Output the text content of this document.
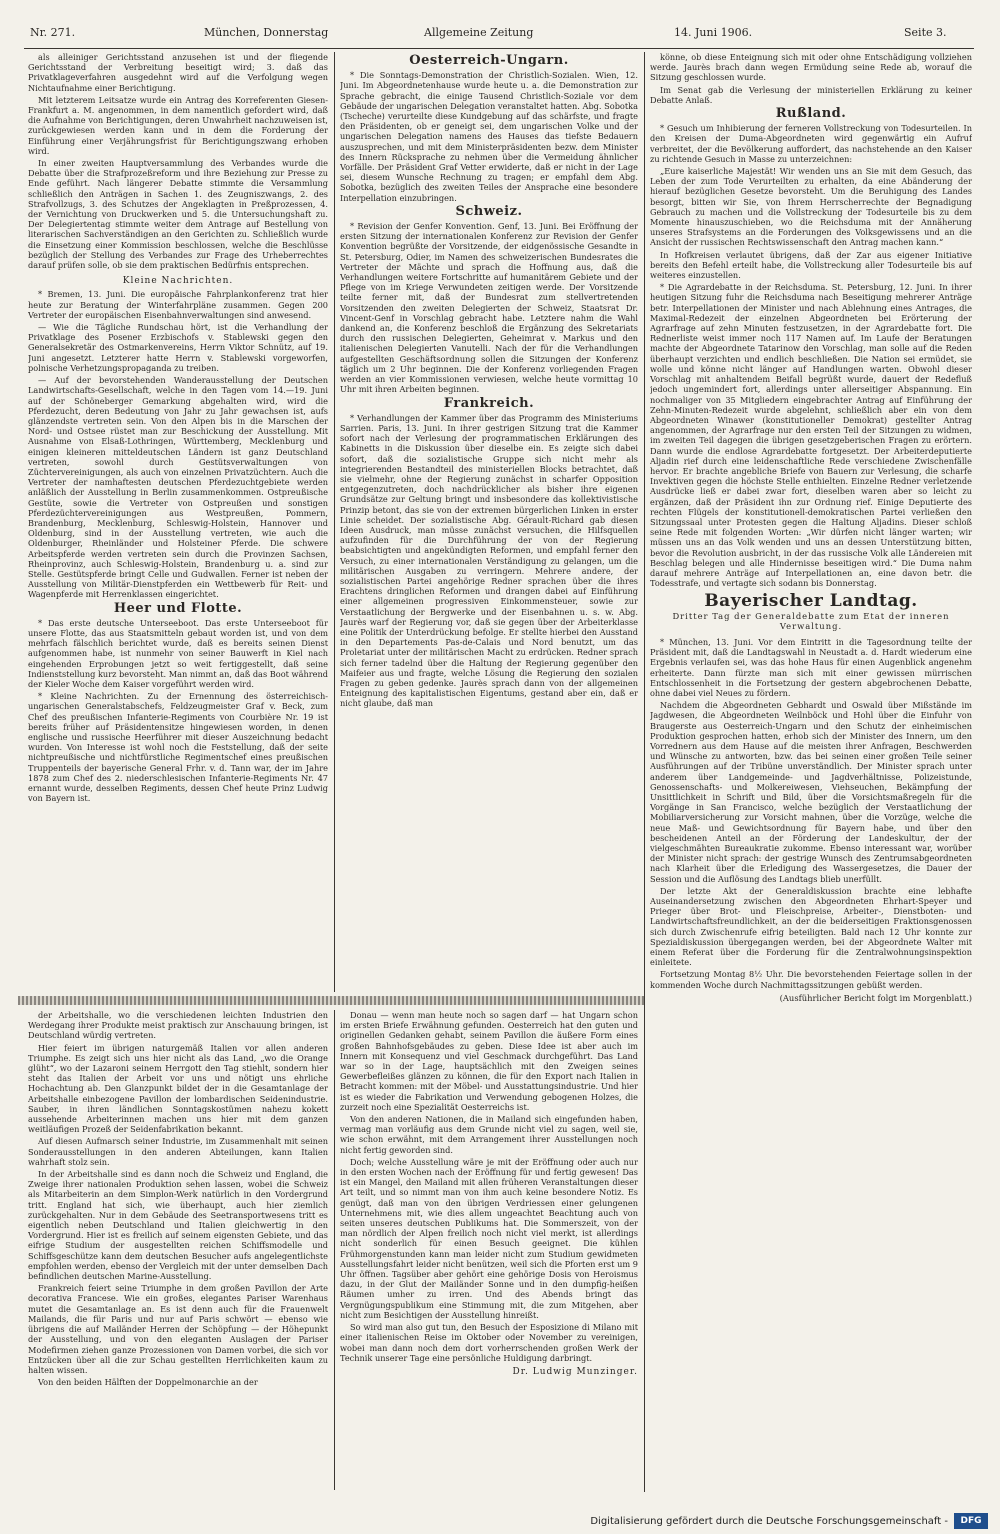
Nr. 271.	München, Donnerstag	Allgemeine Zeitung	14. Juni 1906.	Seite 3.

als alleiniger Gerichtsstand anzusehen ist und der fliegende Gerichtsstand der Verbreitung beseitigt wird; 3. daß das Privatklageverfahren ausgedehnt wird auf die Verfolgung wegen Nichtaufnahme einer Berichtigung.

Mit letzterem Leitsatze wurde ein Antrag des Korreferenten Giesen-Frankfurt a. M. angenommen, in dem namentlich gefordert wird, daß die Aufnahme von Berichtigungen, deren Unwahrheit nachzuweisen ist, zurückgewiesen werden kann und in dem die Forderung der Einführung einer Verjährungsfrist für Berichtigungszwang erhoben wird.

In einer zweiten Hauptversammlung des Verbandes wurde die Debatte über die Strafprozeßreform und ihre Beziehung zur Presse zu Ende geführt. Nach längerer Debatte stimmte die Versammlung schließlich den Anträgen in Sachen 1. des Zeugniszwangs, 2. des Strafvollzugs, 3. des Schutzes der Angeklagten in Preßprozessen, 4. der Vernichtung von Druckwerken und 5. die Untersuchungshaft zu. Der Delegiertentag stimmte weiter dem Antrage auf Bestellung von literarischen Sachverständigen an den Gerichten zu. Schließlich wurde die Einsetzung einer Kommission beschlossen, welche die Beschlüsse bezüglich der Stellung des Verbandes zur Frage des Urheberrechtes darauf prüfen solle, ob sie dem praktischen Bedürfnis entsprechen.

Kleine Nachrichten.

* Bremen, 13. Juni. Die europäische Fahrplankonferenz trat hier heute zur Beratung der Winterfahrpläne zusammen. Gegen 200 Vertreter der europäischen Eisenbahnverwaltungen sind anwesend.

— Wie die Tägliche Rundschau hört, ist die Verhandlung der Privatklage des Posener Erzbischofs v. Stablewski gegen den Generalsekretär des Ostmarkenvereins, Herrn Viktor Schnütz, auf 19. Juni angesetzt. Letzterer hatte Herrn v. Stablewski vorgeworfen, polnische Verhetzungspropaganda zu treiben.

— Auf der bevorstehenden Wanderausstellung der Deutschen Landwirtschafts-Gesellschaft, welche in den Tagen vom 14.—19. Juni auf der Schöneberger Gemarkung abgehalten wird, wird die Pferdezucht, deren Bedeutung von Jahr zu Jahr gewachsen ist, aufs glänzendste vertreten sein. Von den Alpen bis in die Marschen der Nord- und Ostsee rüstet man zur Beschickung der Ausstellung. Mit Ausnahme von Elsaß-Lothringen, Württemberg, Mecklenburg und einigen kleineren mitteldeutschen Ländern ist ganz Deutschland vertreten, sowohl durch Gestütsverwaltungen von Züchtervereinigungen, als auch von einzelnen Privatzüchtern. Auch die Vertreter der namhaftesten deutschen Pferdezuchtgebiete werden anläßlich der Ausstellung in Berlin zusammenkommen. Ostpreußische Gestüte, sowie die Vertreter von Ostpreußen und sonstigen Pferdezüchtervereinigungen aus Westpreußen, Pommern, Brandenburg, Mecklenburg, Schleswig-Holstein, Hannover und Oldenburg, sind in der Ausstellung vertreten, wie auch die Oldenburger, Rheinländer und Holsteiner Pferde. Die schwere Arbeitspferde werden vertreten sein durch die Provinzen Sachsen, Rheinprovinz, auch Schleswig-Holstein, Brandenburg u. a. sind zur Stelle. Gestütspferde bringt Celle und Gudwallen. Ferner ist neben der Ausstellung von Militär-Dienstpferden ein Wettbewerb für Reit- und Wagenpferde mit Herrenklassen eingerichtet.

Heer und Flotte.

* Das erste deutsche Unterseeboot. Das erste Unterseeboot für unsere Flotte, das aus Staatsmitteln gebaut worden ist, und von dem mehrfach fälschlich berichtet wurde, daß es bereits seinen Dienst aufgenommen habe, ist nunmehr von seiner Bauwerft in Kiel nach eingehenden Erprobungen jetzt so weit fertiggestellt, daß seine Indienststellung kurz bevorsteht. Man nimmt an, daß das Boot während der Kieler Woche dem Kaiser vorgeführt werden wird.

* Kleine Nachrichten. Zu der Ernennung des österreichisch-ungarischen Generalstabschefs, Feldzeugmeister Graf v. Beck, zum Chef des preußischen Infanterie-Regiments von Courbière Nr. 19 ist bereits früher auf Präsidentensitze hingewiesen worden, in denen englische und russische Heerführer mit dieser Auszeichnung bedacht wurden. Von Interesse ist wohl noch die Feststellung, daß der seite nichtpreußische und nichtfürstliche Regimentschef eines preußischen Truppenteils der bayerische General Frhr. v. d. Tann war, der im Jahre 1878 zum Chef des 2. niederschlesischen Infanterie-Regiments Nr. 47 ernannt wurde, desselben Regiments, dessen Chef heute Prinz Ludwig von Bayern ist.

Oesterreich-Ungarn.

* Die Sonntags-Demonstration der Christlich-Sozialen. Wien, 12. Juni. Im Abgeordnetenhause wurde heute u. a. die Demonstration zur Sprache gebracht, die einige Tausend Christlich-Soziale vor dem Gebäude der ungarischen Delegation veranstaltet hatten. Abg. Sobotka (Tscheche) verurteilte diese Kundgebung auf das schärfste, und fragte den Präsidenten, ob er geneigt sei, dem ungarischen Volke und der ungarischen Delegation namens des Hauses das tiefste Bedauern auszusprechen, und mit dem Ministerpräsidenten bezw. dem Minister des Innern Rücksprache zu nehmen über die Vermeidung ähnlicher Vorfälle. Der Präsident Graf Vetter erwiderte, daß er nicht in der Lage sei, diesem Wunsche Rechnung zu tragen; er empfahl dem Abg. Sobotka, bezüglich des zweiten Teiles der Ansprache eine besondere Interpellation einzubringen.

Schweiz.

* Revision der Genfer Konvention. Genf, 13. Juni. Bei Eröffnung der ersten Sitzung der internationalen Konferenz zur Revision der Genfer Konvention begrüßte der Vorsitzende, der eidgenössische Gesandte in St. Petersburg, Odier, im Namen des schweizerischen Bundesrates die Vertreter der Mächte und sprach die Hoffnung aus, daß die Verhandlungen weitere Fortschritte auf humanitärem Gebiete und der Pflege von im Kriege Verwundeten zeitigen werde. Der Vorsitzende teilte ferner mit, daß der Bundesrat zum stellvertretenden Vorsitzenden den zweiten Delegierten der Schweiz, Staatsrat Dr. Vincent-Genf in Vorschlag gebracht habe. Letztere nahm die Wahl dankend an, die Konferenz beschloß die Ergänzung des Sekretariats durch den russischen Delegierten, Geheimrat v. Markus und den italienischen Delegierten Vanutelli. Nach der für die Verhandlungen aufgestellten Geschäftsordnung sollen die Sitzungen der Konferenz täglich um 2 Uhr beginnen. Die der Konferenz vorliegenden Fragen werden an vier Kommissionen verwiesen, welche heute vormittag 10 Uhr mit ihren Arbeiten beginnen.

Frankreich.

* Verhandlungen der Kammer über das Programm des Ministeriums Sarrien. Paris, 13. Juni. In ihrer gestrigen Sitzung trat die Kammer sofort nach der Verlesung der programmatischen Erklärungen des Kabinetts in die Diskussion über dieselbe ein. Es zeigte sich dabei sofort, daß die sozialistische Gruppe sich nicht mehr als integrierenden Bestandteil des ministeriellen Blocks betrachtet, daß sie vielmehr, ohne der Regierung zunächst in scharfer Opposition entgegenzutreten, doch nachdrücklicher als bisher ihre eigenen Grundsätze zur Geltung bringt und insbesondere das kollektivistische Prinzip betont, das sie von der extremen bürgerlichen Linken in erster Linie scheidet. Der sozialistische Abg. Gérault-Richard gab diesen Ideen Ausdruck, man müsse zunächst versuchen, die Hilfsquellen aufzufinden für die Durchführung der von der Regierung beabsichtigten und angekündigten Reformen, und empfahl ferner den Versuch, zu einer internationalen Verständigung zu gelangen, um die militärischen Ausgaben zu verringern. Mehrere andere, der sozialistischen Partei angehörige Redner sprachen über die ihres Erachtens dringlichen Reformen und drangen dabei auf Einführung einer allgemeinen progressiven Einkommensteuer, sowie zur Verstaatlichung der Bergwerke und der Eisenbahnen u. s. w. Abg. Jaurès warf der Regierung vor, daß sie gegen über der Arbeiterklasse eine Politik der Unterdrückung befolge. Er stellte hierbei den Ausstand in den Departements Pas-de-Calais und Nord benutzt, um das Proletariat unter der militärischen Macht zu erdrücken. Redner sprach sich ferner tadelnd über die Haltung der Regierung gegenüber den Maifeier aus und fragte, welche Lösung die Regierung den sozialen Fragen zu geben gedenke. Jaurès sprach dann von der allgemeinen Enteignung des kapitalistischen Eigentums, gestand aber ein, daß er nicht glaube, daß man

könne, ob diese Enteignung sich mit oder ohne Entschädigung vollziehen werde. Jaurès brach dann wegen Ermüdung seine Rede ab, worauf die Sitzung geschlossen wurde.

Im Senat gab die Verlesung der ministeriellen Erklärung zu keiner Debatte Anlaß.

Rußland.

* Gesuch um Inhibierung der ferneren Vollstreckung von Todesurteilen. In den Kreisen der Duma-Abgeordneten wird gegenwärtig ein Aufruf verbreitet, der die Bevölkerung auffordert, das nachstehende an den Kaiser zu richtende Gesuch in Masse zu unterzeichnen:

„Eure kaiserliche Majestät! Wir wenden uns an Sie mit dem Gesuch, das Leben der zum Tode Verurteilten zu erhalten, da eine Abänderung der hierauf bezüglichen Gesetze bevorsteht. Um die Beruhigung des Landes besorgt, bitten wir Sie, von Ihrem Herrscherrechte der Begnadigung Gebrauch zu machen und die Vollstreckung der Todesurteile bis zu dem Momente hinauszuschieben, wo die Reichsduma mit der Annäherung unseres Strafsystems an die Forderungen des Volksgewissens und an die Ansicht der russischen Rechtswissenschaft den Antrag machen kann.“

In Hofkreisen verlautet übrigens, daß der Zar aus eigener Initiative bereits den Befehl erteilt habe, die Vollstreckung aller Todesurteile bis auf weiteres einzustellen.

* Die Agrardebatte in der Reichsduma. St. Petersburg, 12. Juni. In ihrer heutigen Sitzung fuhr die Reichsduma nach Beseitigung mehrerer Anträge betr. Interpellationen der Minister und nach Ablehnung eines Antrages, die Maximal-Redezeit der einzelnen Abgeordneten bei Erörterung der Agrarfrage auf zehn Minuten festzusetzen, in der Agrardebatte fort. Die Rednerliste weist immer noch 117 Namen auf. Im Laufe der Beratungen machte der Abgeordnete Tatarinow den Vorschlag, man solle auf die Reden überhaupt verzichten und endlich beschließen. Die Nation sei ermüdet, sie wolle und könne nicht länger auf Handlungen warten. Obwohl dieser Vorschlag mit anhaltendem Beifall begrüßt wurde, dauert der Redefluß jedoch ungemindert fort, allerdings unter allerseitiger Abspannung. Ein nochmaliger von 35 Mitgliedern eingebrachter Antrag auf Einführung der Zehn-Minuten-Redezeit wurde abgelehnt, schließlich aber ein von dem Abgeordneten Winawer (konstitutioneller Demokrat) gestellter Antrag angenommen, der Agrarfrage nur den ersten Teil der Sitzungen zu widmen, im zweiten Teil dagegen die übrigen gesetzgeberischen Fragen zu erörtern. Dann wurde die endlose Agrardebatte fortgesetzt. Der Arbeiterdeputierte Aljadin rief durch eine leidenschaftliche Rede verschiedene Zwischenfälle hervor. Er brachte angebliche Briefe von Bauern zur Verlesung, die scharfe Invektiven gegen die höchste Stelle enthielten. Einzelne Redner verletzende Ausdrücke ließ er dabei zwar fort, dieselben waren aber so leicht zu ergänzen, daß der Präsident ihn zur Ordnung rief. Einige Deputierte des rechten Flügels der konstitutionell-demokratischen Partei verließen den Sitzungssaal unter Protesten gegen die Haltung Aljadins. Dieser schloß seine Rede mit folgenden Worten: „Wir dürfen nicht länger warten; wir müssen uns an das Volk wenden und uns an dessen Unterstützung bitten, bevor die Revolution ausbricht, in der das russische Volk alle Ländereien mit Beschlag belegen und alle Hindernisse beseitigen wird.“ Die Duma nahm darauf mehrere Anträge auf Interpellationen an, eine davon betr. die Todesstrafe, und vertagte sich sodann bis Donnerstag.

Bayerischer Landtag.
Dritter Tag der Generaldebatte zum Etat der inneren Verwaltung.

* München, 13. Juni. Vor dem Eintritt in die Tagesordnung teilte der Präsident mit, daß die Landtagswahl in Neustadt a. d. Hardt wiederum eine Ergebnis verlaufen sei, was das hohe Haus für einen Augenblick angenehm erheiterte. Dann fürzte man sich mit einer gewissen mürrischen Entschlossenheit in die Fortsetzung der gestern abgebrochenen Debatte, ohne dabei viel Neues zu fördern.

Nachdem die Abgeordneten Gebhardt und Oswald über Mißstände im Jagdwesen, die Abgeordneten Weilnböck und Hohl über die Einfuhr von Braugerste aus Oesterreich-Ungarn und den Schutz der einheimischen Produktion gesprochen hatten, erhob sich der Minister des Innern, um den Vorrednern aus dem Hause auf die meisten ihrer Anfragen, Beschwerden und Wünsche zu antworten, bzw. das bei seinen einer großen Teile seiner Ausführungen auf der Tribüne unverständlich. Der Minister sprach unter anderem über Landgemeinde- und Jagdverhältnisse, Polizeistunde, Genossenschafts- und Molkereiwesen, Viehseuchen, Bekämpfung der Unsittlichkeit in Schrift und Bild, über die Vorsichtsmaßregeln für die Vorgänge in San Francisco, welche bezüglich der Verstaatlichung der Mobiliarversicherung zur Vorsicht mahnen, über die Vorzüge, welche die neue Maß- und Gewichtsordnung für Bayern habe, und über den bescheidenen Anteil an der Förderung der Landeskultur, der der vielgeschmähten Bureaukratie zukomme. Ebenso interessant war, worüber der Minister nicht sprach: der gestrige Wunsch des Zentrumsabgeordneten nach Klarheit über die Erledigung des Wassergesetzes, die Dauer der Session und die Auflösung des Landtags blieb unerfüllt.

Der letzte Akt der Generaldiskussion brachte eine lebhafte Auseinandersetzung zwischen den Abgeordneten Ehrhart-Speyer und Prieger über Brot- und Fleischpreise, Arbeiter-, Dienstboten- und Landwirtschaftsfreundlichkeit, an der die beiderseitigen Fraktionsgenossen sich durch Zwischenrufe eifrig beteiligten. Bald nach 12 Uhr konnte zur Spezialdiskussion übergegangen werden, bei der Abgeordnete Walter mit einem Referat über die Forderung für die Zentralwohnungsinspektion einleitete.

Fortsetzung Montag 8½ Uhr. Die bevorstehenden Feiertage sollen in der kommenden Woche durch Nachmittagssitzungen gebüßt werden.

(Ausführlicher Bericht folgt im Morgenblatt.)

der Arbeitshalle, wo die verschiedenen leichten Industrien den Werdegang ihrer Produkte meist praktisch zur Anschauung bringen, ist Deutschland würdig vertreten.

Hier feiert im übrigen naturgemäß Italien vor allen anderen Triumphe. Es zeigt sich uns hier nicht als das Land, „wo die Orange glüht“, wo der Lazaroni seinem Herrgott den Tag stiehlt, sondern hier steht das Italien der Arbeit vor uns und nötigt uns ehrliche Hochachtung ab. Den Glanzpunkt bildet der in die Gesamtanlage der Arbeitshalle einbezogene Pavillon der lombardischen Seidenindustrie. Sauber, in ihren ländlichen Sonntagskostümen nahezu kokett aussehende Arbeiterinnen machen uns hier mit dem ganzen weitläufigen Prozeß der Seidenfabrikation bekannt.

Auf diesen Aufmarsch seiner Industrie, im Zusammenhalt mit seinen Sonderausstellungen in den anderen Abteilungen, kann Italien wahrhaft stolz sein.

In der Arbeitshalle sind es dann noch die Schweiz und England, die Zweige ihrer nationalen Produktion sehen lassen, wobei die Schweiz als Mitarbeiterin an dem Simplon-Werk natürlich in den Vordergrund tritt. England hat sich, wie überhaupt, auch hier ziemlich zurückgehalten. Nur in dem Gebäude des Seetransportwesens tritt es eigentlich neben Deutschland und Italien gleichwertig in den Vordergrund. Hier ist es freilich auf seinem eigensten Gebiete, und das eifrige Studium der ausgestellten reichen Schiffsmodelle und Schiffsgeschütze kann dem deutschen Besucher aufs angelegentlichste empfohlen werden, ebenso der Vergleich mit der unter demselben Dach befindlichen deutschen Marine-Ausstellung.

Frankreich feiert seine Triumphe in dem großen Pavillon der Arte decorativa Francese. Wie ein großes, elegantes Pariser Warenhaus mutet die Gesamtanlage an. Es ist denn auch für die Frauenwelt Mailands, die für Paris und nur auf Paris schwört — ebenso wie übrigens die auf Mailänder Herren der Schöpfung — der Höhepunkt der Ausstellung, und von den eleganten Auslagen der Pariser Modefirmen ziehen ganze Prozessionen von Damen vorbei, die sich vor Entzücken über all die zur Schau gestellten Herrlichkeiten kaum zu halten wissen.

Von den beiden Hälften der Doppelmonarchie an der

Donau — wenn man heute noch so sagen darf — hat Ungarn schon im ersten Briefe Erwähnung gefunden. Oesterreich hat den guten und originellen Gedanken gehabt, seinem Pavillon die äußere Form eines großen Bahnhofsgebäudes zu geben. Diese Idee ist aber auch im Innern mit Konsequenz und viel Geschmack durchgeführt. Das Land war so in der Lage, hauptsächlich mit den Zweigen seines Gewerbefleißes glänzen zu können, die für den Export nach Italien in Betracht kommen: mit der Möbel- und Ausstattungsindustrie. Und hier ist es wieder die Fabrikation und Verwendung gebogenen Holzes, die zurzeit noch eine Spezialität Oesterreichs ist.

Von den anderen Nationen, die in Mailand sich eingefunden haben, vermag man vorläufig aus dem Grunde nicht viel zu sagen, weil sie, wie schon erwähnt, mit dem Arrangement ihrer Ausstellungen noch nicht fertig geworden sind.

Doch; welche Ausstellung wäre je mit der Eröffnung oder auch nur in den ersten Wochen nach der Eröffnung für und fertig gewesen! Das ist ein Mangel, den Mailand mit allen früheren Veranstaltungen dieser Art teilt, und so nimmt man von ihm auch keine besondere Notiz. Es genügt, daß man von den übrigen Verdriessen einer gelungenen Unternehmens mit, wie dies allem ungeachtet Beachtung auch von seiten unseres deutschen Publikums hat. Die Sommerszeit, von der man nördlich der Alpen freilich noch nicht viel merkt, ist allerdings nicht sonderlich für einen Besuch geeignet. Die kühlen Frühmorgenstunden kann man leider nicht zum Studium gewidmeten Ausstellungsfahrt leider nicht benützen, weil sich die Pforten erst um 9 Uhr öffnen. Tagsüber aber gehört eine gehörige Dosis von Heroismus dazu, in der Glut der Mailänder Sonne und in den dumpfig-heißen Räumen umher zu irren. Und des Abends bringt das Vergnügungspublikum eine Stimmung mit, die zum Mitgehen, aber nicht zum Besichtigen der Ausstellung hinreißt.

So wird man also gut tun, den Besuch der Esposizione di Milano mit einer italienischen Reise im Oktober oder November zu vereinigen, wobei man dann noch dem dort vorherrschenden großen Werk der Technik unserer Tage eine persönliche Huldigung darbringt.

Dr. Ludwig Munzinger.
Digitalisierung gefördert durch die Deutsche Forschungsgemeinschaft -	DFG
